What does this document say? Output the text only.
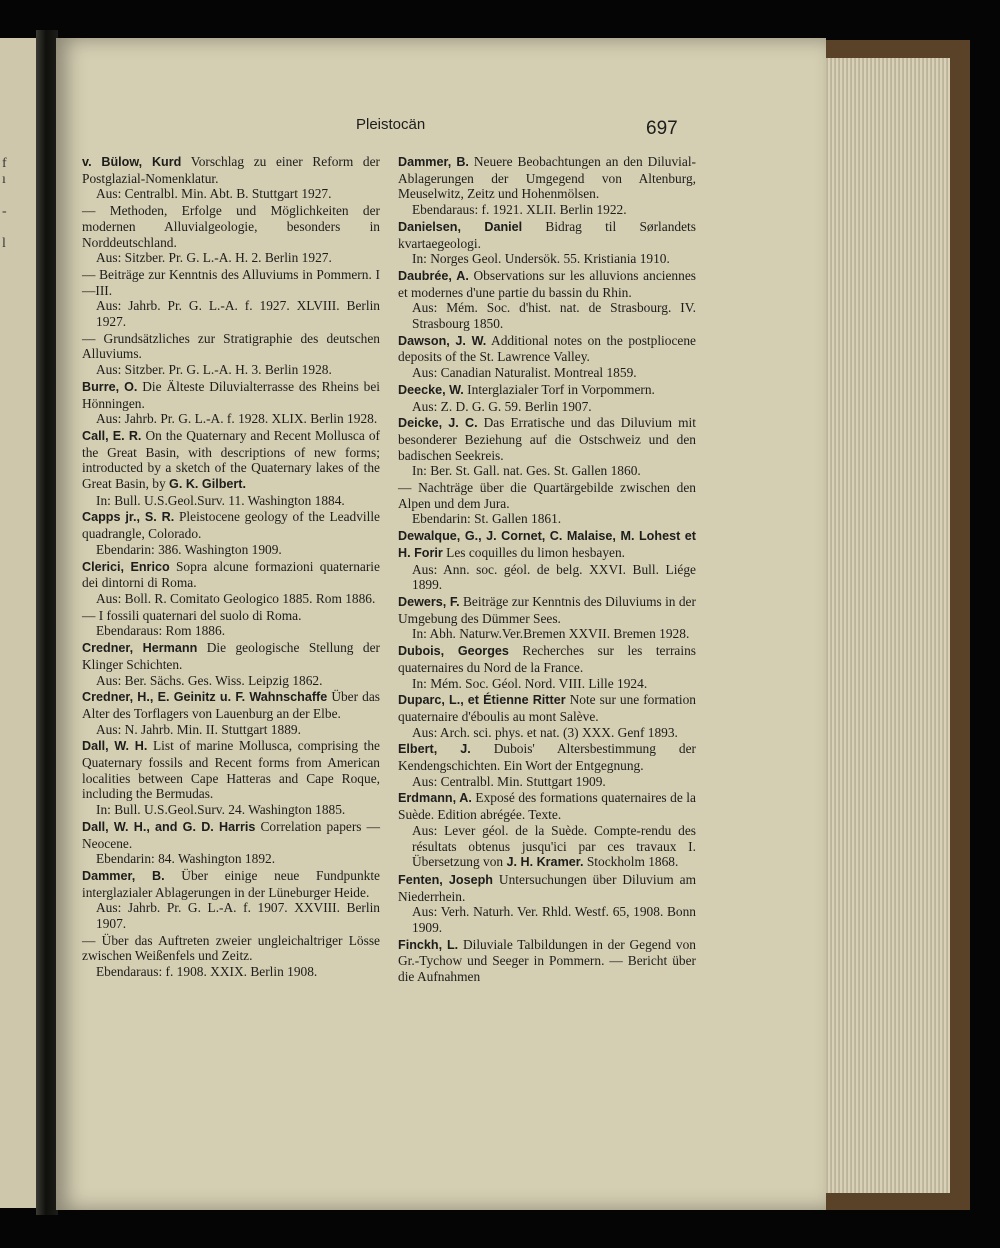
f
ı
-
l
Pleistocän	697
v. Bülow, Kurd Vorschlag zu einer Reform der Postglazial-Nomenklatur.
Aus: Centralbl. Min. Abt. B. Stuttgart 1927.
— Methoden, Erfolge und Möglichkeiten der modernen Alluvialgeologie, besonders in Norddeutschland.
Aus: Sitzber. Pr. G. L.-A. H. 2. Berlin 1927.
— Beiträge zur Kenntnis des Alluviums in Pommern. I—III.
Aus: Jahrb. Pr. G. L.-A. f. 1927. XLVIII. Berlin 1927.
— Grundsätzliches zur Stratigraphie des deutschen Alluviums.
Aus: Sitzber. Pr. G. L.-A. H. 3. Berlin 1928.
Burre, O. Die Älteste Diluvialterrasse des Rheins bei Hönningen.
Aus: Jahrb. Pr. G. L.-A. f. 1928. XLIX. Berlin 1928.
Call, E. R. On the Quaternary and Recent Mollusca of the Great Basin, with descriptions of new forms; introducted by a sketch of the Quaternary lakes of the Great Basin, by G. K. Gilbert.
In: Bull. U.S.Geol.Surv. 11. Washington 1884.
Capps jr., S. R. Pleistocene geology of the Leadville quadrangle, Colorado.
Ebendarin: 386. Washington 1909.
Clerici, Enrico Sopra alcune formazioni quaternarie dei dintorni di Roma.
Aus: Boll. R. Comitato Geologico 1885. Rom 1886.
— I fossili quaternari del suolo di Roma.
Ebendaraus: Rom 1886.
Credner, Hermann Die geologische Stellung der Klinger Schichten.
Aus: Ber. Sächs. Ges. Wiss. Leipzig 1862.
Credner, H., E. Geinitz u. F. Wahnschaffe Über das Alter des Torflagers von Lauenburg an der Elbe.
Aus: N. Jahrb. Min. II. Stuttgart 1889.
Dall, W. H. List of marine Mollusca, comprising the Quaternary fossils and Recent forms from American localities between Cape Hatteras and Cape Roque, including the Bermudas.
In: Bull. U.S.Geol.Surv. 24. Washington 1885.
Dall, W. H., and G. D. Harris Correlation papers — Neocene.
Ebendarin: 84. Washington 1892.
Dammer, B. Über einige neue Fundpunkte interglazialer Ablagerungen in der Lüneburger Heide.
Aus: Jahrb. Pr. G. L.-A. f. 1907. XXVIII. Berlin 1907.
— Über das Auftreten zweier ungleichaltriger Lösse zwischen Weißenfels und Zeitz.
Ebendaraus: f. 1908. XXIX. Berlin 1908.
Dammer, B. Neuere Beobachtungen an den Diluvial-Ablagerungen der Umgegend von Altenburg, Meuselwitz, Zeitz und Hohenmölsen.
Ebendaraus: f. 1921. XLII. Berlin 1922.
Danielsen, Daniel Bidrag til Sørlandets kvartaegeologi.
In: Norges Geol. Undersök. 55. Kristiania 1910.
Daubrée, A. Observations sur les alluvions anciennes et modernes d'une partie du bassin du Rhin.
Aus: Mém. Soc. d'hist. nat. de Strasbourg. IV. Strasbourg 1850.
Dawson, J. W. Additional notes on the postpliocene deposits of the St. Lawrence Valley.
Aus: Canadian Naturalist. Montreal 1859.
Deecke, W. Interglazialer Torf in Vorpommern.
Aus: Z. D. G. G. 59. Berlin 1907.
Deicke, J. C. Das Erratische und das Diluvium mit besonderer Beziehung auf die Ostschweiz und den badischen Seekreis.
In: Ber. St. Gall. nat. Ges. St. Gallen 1860.
— Nachträge über die Quartärgebilde zwischen den Alpen und dem Jura.
Ebendarin: St. Gallen 1861.
Dewalque, G., J. Cornet, C. Malaise, M. Lohest et H. Forir Les coquilles du limon hesbayen.
Aus: Ann. soc. géol. de belg. XXVI. Bull. Liége 1899.
Dewers, F. Beiträge zur Kenntnis des Diluviums in der Umgebung des Dümmer Sees.
In: Abh. Naturw.Ver.Bremen XXVII. Bremen 1928.
Dubois, Georges Recherches sur les terrains quaternaires du Nord de la France.
In: Mém. Soc. Géol. Nord. VIII. Lille 1924.
Duparc, L., et Étienne Ritter Note sur une formation quaternaire d'éboulis au mont Salève.
Aus: Arch. sci. phys. et nat. (3) XXX. Genf 1893.
Elbert, J. Dubois' Altersbestimmung der Kendengschichten. Ein Wort der Entgegnung.
Aus: Centralbl. Min. Stuttgart 1909.
Erdmann, A. Exposé des formations quaternaires de la Suède. Edition abrégée. Texte.
Aus: Lever géol. de la Suède. Compte-rendu des résultats obtenus jusqu'ici par ces travaux I. Übersetzung von J. H. Kramer. Stockholm 1868.
Fenten, Joseph Untersuchungen über Diluvium am Niederrhein.
Aus: Verh. Naturh. Ver. Rhld. Westf. 65, 1908. Bonn 1909.
Finckh, L. Diluviale Talbildungen in der Gegend von Gr.-Tychow und Seeger in Pommern. — Bericht über die Aufnahmen
